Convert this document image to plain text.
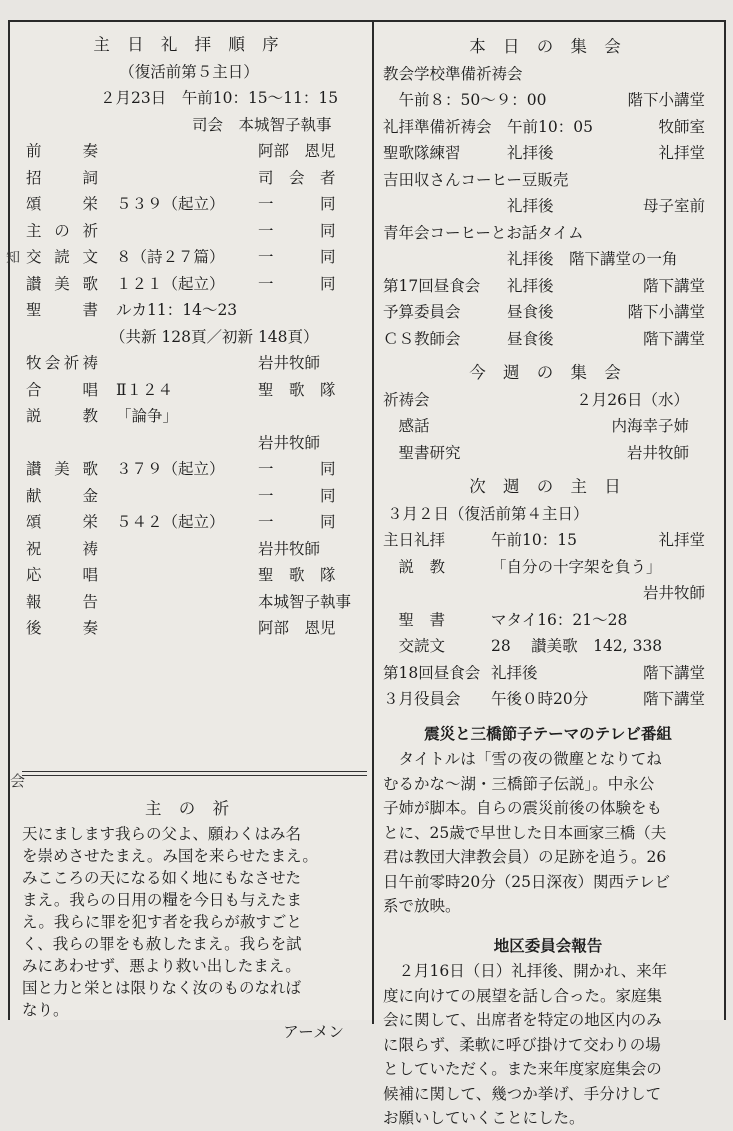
主 日 礼 拝 順 序
（復活前第５主日）
２月23日　午前10：15〜11：15
司会　本城智子執事
前	奏	阿部　恩児
招	詞	司　会　者
頌	栄 ５３９（起立） 一　　　同
主 の 祈	一　　　同
交 読 文 ８（詩２７篇） 一　　　同
讃 美 歌 １２１（起立） 一　　　同
聖	書 ルカ11：14〜23
（共新 128頁／初新 148頁）
牧 会 祈 祷	岩井牧師
合	唱 Ⅱ１２４	聖　歌　隊
説	教 「論争」
岩井牧師
讃 美 歌 ３７９（起立） 一　　　同
献	金	一　　　同
頌	栄 ５４２（起立） 一　　　同
祝	祷	岩井牧師
応	唱	聖　歌　隊
報	告	本城智子執事
後	奏	阿部　恩児
知
会
主 の 祈
天にまします我らの父よ、願わくはみ名
を崇めさせたまえ。み国を来らせたまえ。
みこころの天になる如く地にもなさせた
まえ。我らの日用の糧を今日も与えたま
え。我らに罪を犯す者を我らが赦すごと
く、我らの罪をも赦したまえ。我らを試
みにあわせず、悪より救い出したまえ。
国と力と栄とは限りなく汝のものなれば
なり。
アーメン
本 日 の 集 会
教会学校準備祈祷会
　午前８：50〜９：00	階下小講堂
礼拝準備祈祷会 午前10：05	牧師室
聖歌隊練習	礼拝後	礼拝堂
吉田収さんコーヒー豆販売
礼拝後	母子室前
青年会コーヒーとお話タイム
礼拝後　階下講堂の一角
第17回昼食会 礼拝後	階下講堂
予算委員会	昼食後	階下小講堂
ＣＳ教師会	昼食後	階下講堂
今 週 の 集 会
祈祷会	２月26日（水）
　感話	内海幸子姉
　聖書研究	岩井牧師
次 週 の 主 日
３月２日（復活前第４主日）
主日礼拝	午前10：15	礼拝堂
　説　教	「自分の十字架を負う」
岩井牧師
　聖　書	マタイ16：21〜28
　交読文	28　 讃美歌　142, 338
第18回昼食会 礼拝後	階下講堂
３月役員会 午後０時20分	階下講堂
震災と三橋節子テーマのテレビ番組
　タイトルは「雪の夜の微塵となりてね
むるかな〜湖・三橋節子伝説」。中永公
子姉が脚本。自らの震災前後の体験をも
とに、25歳で早世した日本画家三橋（夫
君は教団大津教会員）の足跡を追う。26
日午前零時20分（25日深夜）関西テレビ
系で放映。
地区委員会報告
　２月16日（日）礼拝後、開かれ、来年
度に向けての展望を話し合った。家庭集
会に関して、出席者を特定の地区内のみ
に限らず、柔軟に呼び掛けて交わりの場
としていただく。また来年度家庭集会の
候補に関して、幾つか挙げ、手分けして
お願いしていくことにした。
